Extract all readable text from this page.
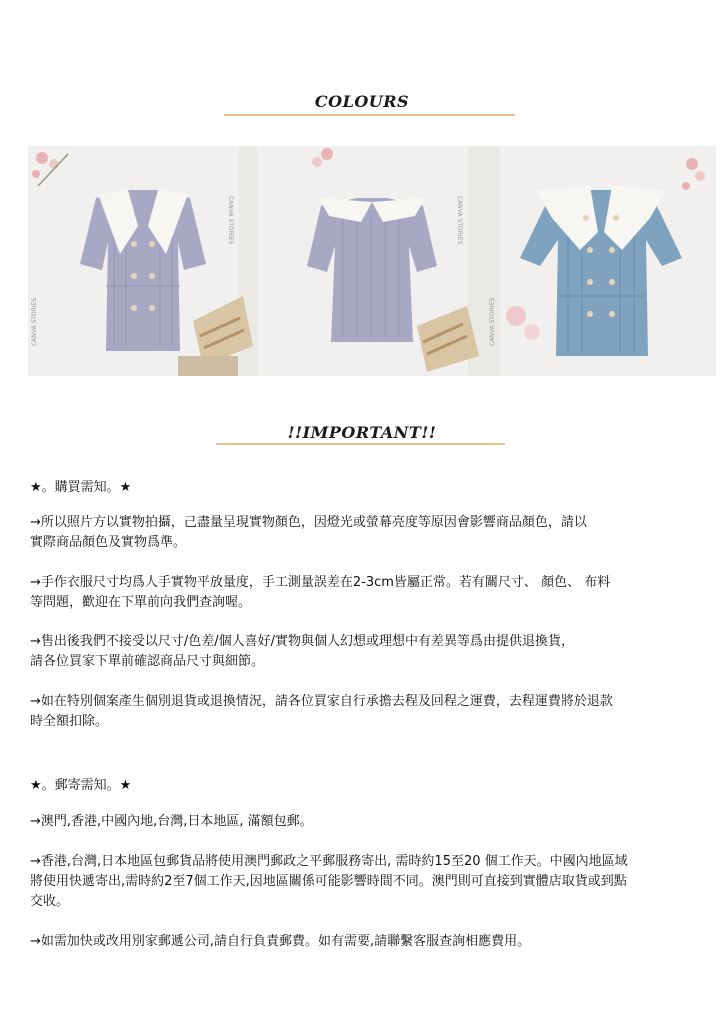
COLOURS
CANVA STORIES
CANVA STORIES
CANVA STORIES
CANVA STORIES
!!IMPORTANT!!
★。購買需知。★
→所以照片方以實物拍攝，己盡量呈現實物顏色，因燈光或螢幕亮度等原因會影響商品顏色，請以
實際商品顏色及實物爲準。
→手作衣服尺寸均爲人手實物平放量度，手工測量誤差在2-3cm皆屬正常。若有關尺寸、 顏色、 布料
等問題，歡迎在下單前向我們查詢喔。
→售出後我們不接受以尺寸/色差/個人喜好/實物與個人幻想或理想中有差異等爲由提供退換貨，
請各位買家下單前確認商品尺寸與細節。
→如在特別個案產生個別退貨或退換情況，請各位買家自行承擔去程及回程之運費，去程運費將於退款
時全額扣除。
★。郵寄需知。★
→澳門,香港,中國內地,台灣,日本地區, 滿額包郵。
→香港,台灣,日本地區包郵貨品將使用澳門郵政之平郵服務寄出, 需時約15至20 個工作天。中國內地區域
將使用快遞寄出,需時約2至7個工作天,因地區關係可能影響時間不同。澳門則可直接到實體店取貨或到點
交收。
→如需加快或改用別家郵遞公司,請自行負責郵費。如有需要,請聯繫客服查詢相應費用。
